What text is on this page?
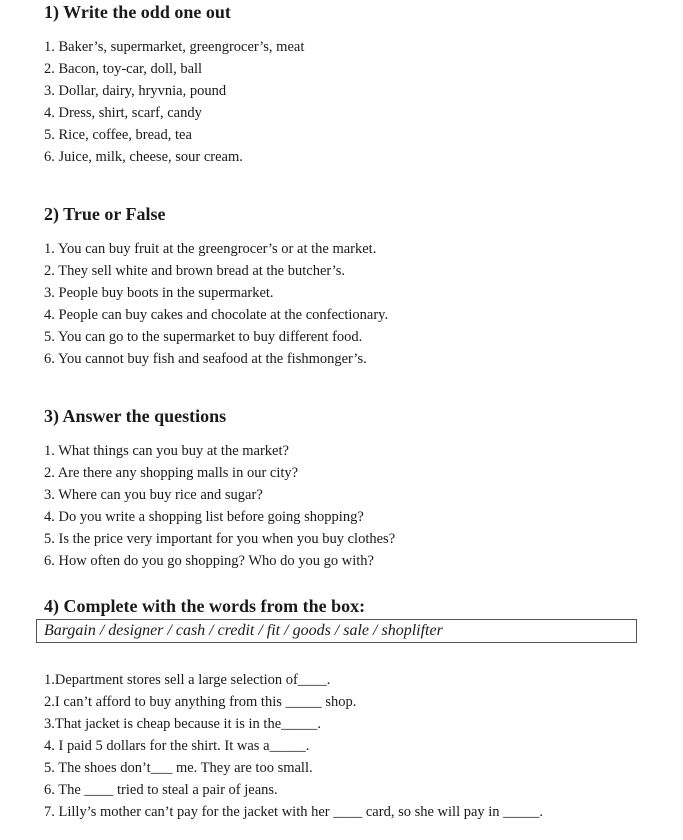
1) Write the odd one out
1. Baker’s, supermarket, greengrocer’s, meat
2. Bacon, toy-car, doll, ball
3. Dollar, dairy, hryvnia, pound
4. Dress, shirt, scarf, candy
5. Rice, coffee, bread, tea
6. Juice, milk, cheese, sour cream.
2) True or False
1. You can buy fruit at the greengrocer’s or at the market.
2. They sell white and brown bread at the butcher’s.
3. People buy boots in the supermarket.
4. People can buy cakes and chocolate at the confectionary.
5. You can go to the supermarket to buy different food.
6. You cannot buy fish and seafood at the fishmonger’s.
3) Answer the questions
1. What things can you buy at the market?
2. Are there any shopping malls in our city?
3. Where can you buy rice and sugar?
4. Do you write a shopping list before going shopping?
5. Is the price very important for you when you buy clothes?
6. How often do you go shopping? Who do you go with?
4) Complete with the words from the box:
Bargain / designer / cash / credit / fit / goods / sale / shoplifter
1.Department stores sell a large selection of____.
2.I can’t afford to buy anything from this _____ shop.
3.That jacket is cheap because it is in the_____.
4. I paid 5 dollars for the shirt. It was a_____.
5. The shoes don’t___ me. They are too small.
6. The ____ tried to steal a pair of jeans.
7. Lilly’s mother can’t pay for the jacket with her ____ card, so she will pay in _____.
